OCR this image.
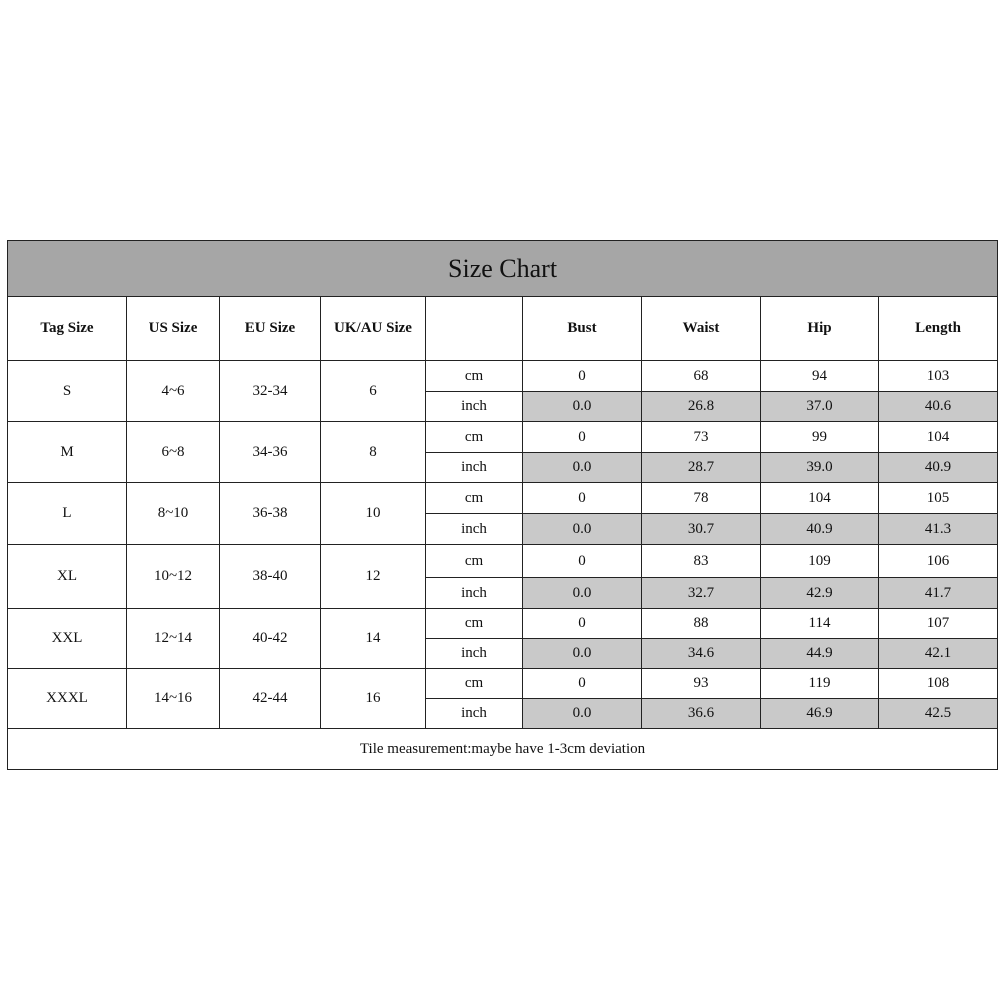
Size Chart								
Tag Size	US Size	EU Size	UK/AU Size		Bust	Waist	Hip	Length
S	4~6	32-34	6	cm	0	68	94	103
				inch	0.0	26.8	37.0	40.6
M	6~8	34-36	8	cm	0	73	99	104
				inch	0.0	28.7	39.0	40.9
L	8~10	36-38	10	cm	0	78	104	105
				inch	0.0	30.7	40.9	41.3
XL	10~12	38-40	12	cm	0	83	109	106
				inch	0.0	32.7	42.9	41.7
XXL	12~14	40-42	14	cm	0	88	114	107
				inch	0.0	34.6	44.9	42.1
XXXL	14~16	42-44	16	cm	0	93	119	108
				inch	0.0	36.6	46.9	42.5
Tile measurement:maybe have 1-3cm deviation								
